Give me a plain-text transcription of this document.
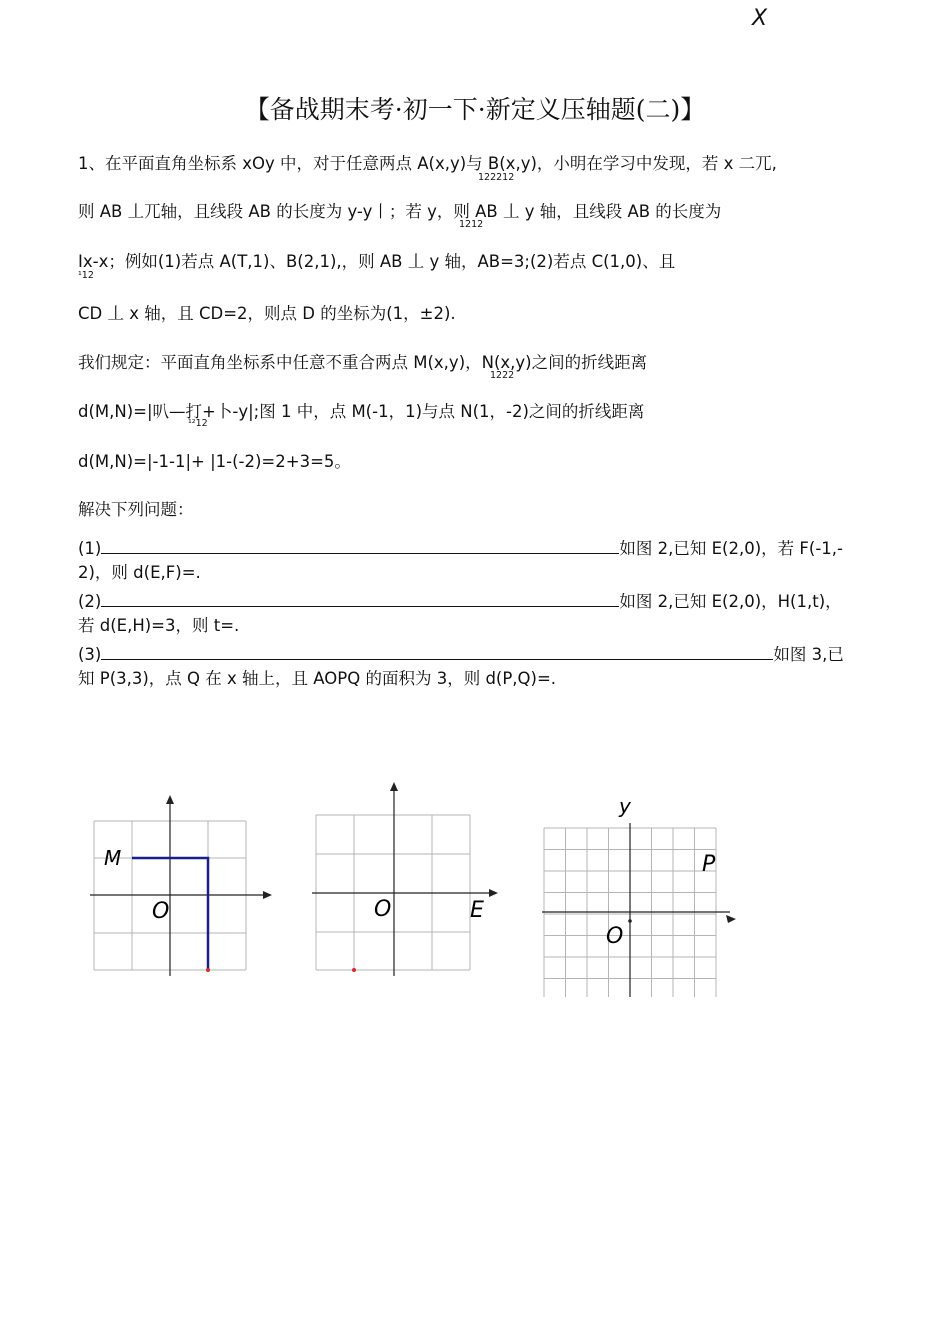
X
【备战期末考·初一下·新定义压轴题(二)】
1、在平面直角坐标系 xOy 中，对于任意两点 A(x,y)与 B(x,y)，小明在学习中发现，若 x 二兀,
122212
则 AB 丄兀轴，且线段 AB 的长度为 y-y丨；若 y，则 AB 丄 y 轴，且线段 AB 的长度为
1212
Ix-x；例如(1)若点 A(T,1)、B(2,1),，则 AB 丄 y 轴，AB=3;(2)若点 C(1,0)、且
¹12
CD 丄 x 轴，且 CD=2，则点 D 的坐标为(1，±2).
我们规定：平面直角坐标系中任意不重合两点 M(x,y)，N(x,y)之间的折线距离
1222
d(M,N)=|叭—打+卜-y|;图 1 中，点 M(-1，1)与点 N(1，-2)之间的折线距离
¹²12
d(M,N)=|-1-1|+ |1-(-2)=2+3=5。
解决下列问题：
(1)	如图 2,已知 E(2,0)，若 F(-1,-
2)，则 d(E,F)=.
(2)	如图 2,已知 E(2,0)，H(1,t)，
若 d(E,H)=3，则 t=.
(3)	如图 3,已
知 P(3,3)，点 Q 在 x 轴上，且 AOPQ 的面积为 3，则 d(P,Q)=.
M
O	O	E
y
P
O
